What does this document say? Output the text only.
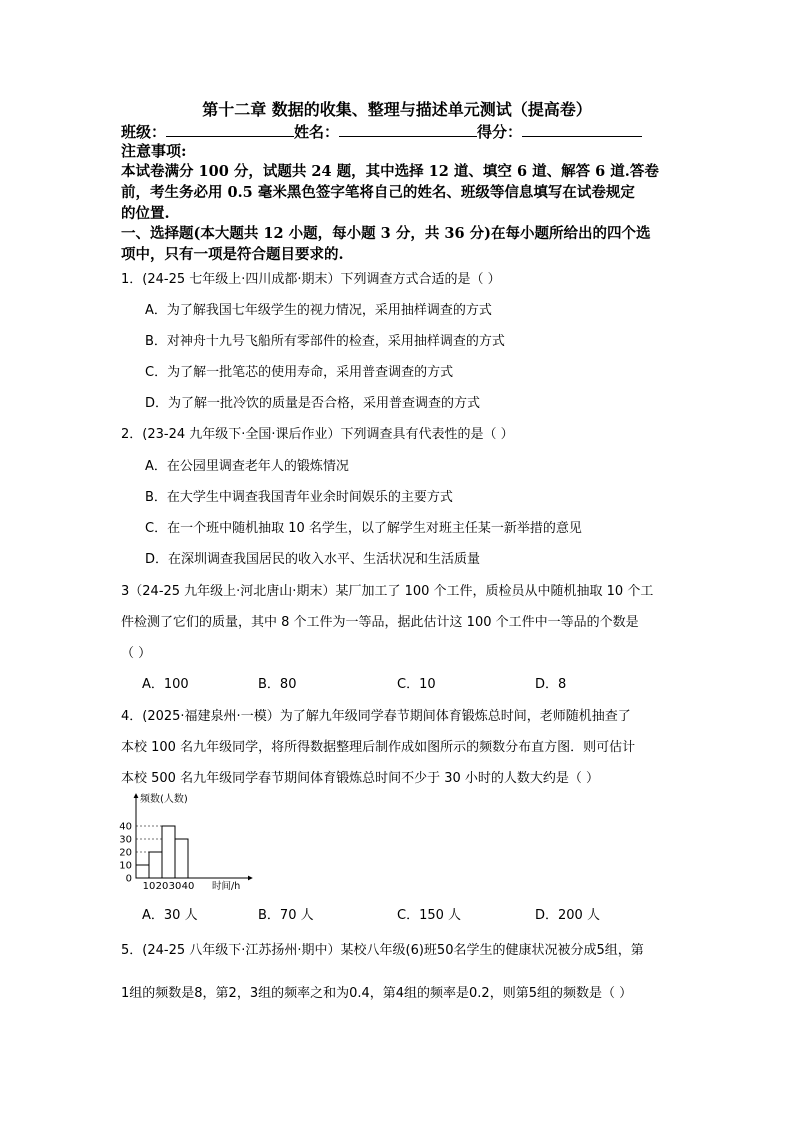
第十二章 数据的收集、整理与描述单元测试（提高卷）
班级：	姓名：	得分：
注意事项:
本试卷满分 100 分，试题共 24 题，其中选择 12 道、填空 6 道、解答 6 道.答卷
前，考生务必用 0.5 毫米黑色签字笔将自己的姓名、班级等信息填写在试卷规定
的位置.
一、选择题(本大题共 12 小题，每小题 3 分，共 36 分)在每小题所给出的四个选
项中，只有一项是符合题目要求的.
1．(24-25 七年级上·四川成都·期末）下列调查方式合适的是（ ）
A．为了解我国七年级学生的视力情况，采用抽样调查的方式
B．对神舟十九号飞船所有零部件的检查，采用抽样调查的方式
C．为了解一批笔芯的使用寿命，采用普查调查的方式
D．为了解一批冷饮的质量是否合格，采用普查调查的方式
2．(23-24 九年级下·全国·课后作业）下列调查具有代表性的是（ ）
A．在公园里调查老年人的锻炼情况
B．在大学生中调查我国青年业余时间娱乐的主要方式
C．在一个班中随机抽取 10 名学生，以了解学生对班主任某一新举措的意见
D．在深圳调查我国居民的收入水平、生活状况和生活质量
3（24-25 九年级上·河北唐山·期末）某厂加工了 100 个工件，质检员从中随机抽取 10 个工
件检测了它们的质量，其中 8 个工件为一等品，据此估计这 100 个工件中一等品的个数是
（ ）
A．100	B．80	C．10	D．8
4．(2025·福建泉州·一模）为了解九年级同学春节期间体育锻炼总时间，老师随机抽查了
本校 100 名九年级同学，将所得数据整理后制作成如图所示的频数分布直方图．则可估计
本校 500 名九年级同学春节期间体育锻炼总时间不少于 30 小时的人数大约是（ ）
0
10
20
30
40
10 20 30 40
频数(人数)
时间/h
A．30 人	B．70 人	C．150 人	D．200 人
5．(24-25 八年级下·江苏扬州·期中）某校八年级(6)班50名学生的健康状况被分成5组，第
1组的频数是8，第2，3组的频率之和为0.4，第4组的频率是0.2，则第5组的频数是（ ）
